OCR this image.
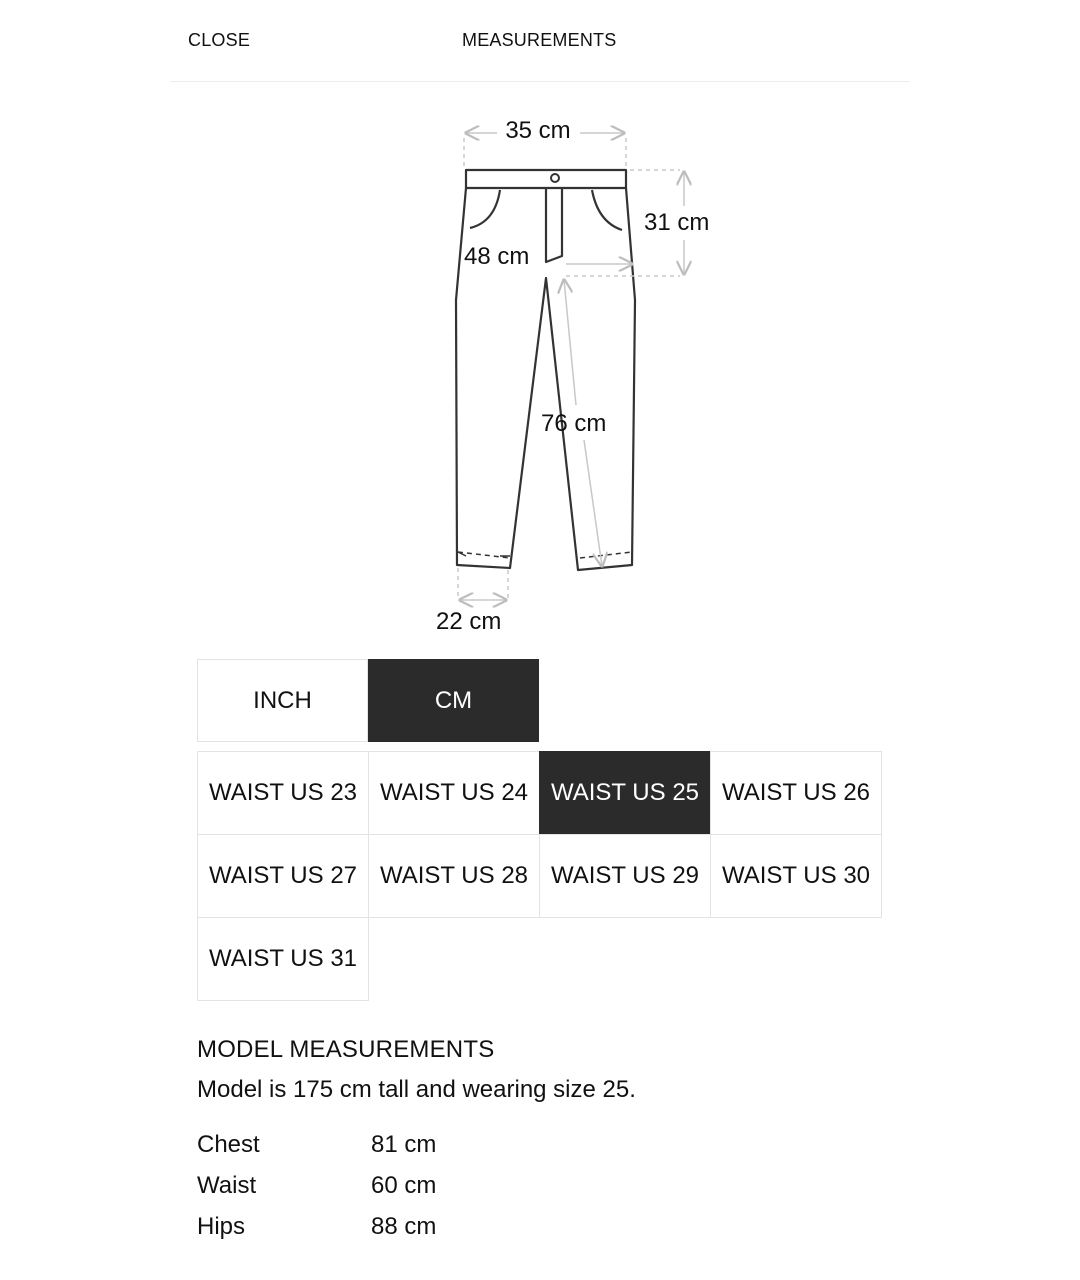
CLOSE	MEASUREMENTS
35 cm
31 cm
48 cm
76 cm
22 cm
INCH	CM
WAIST US 23 WAIST US 24 WAIST US 25 WAIST US 26
WAIST US 27 WAIST US 28 WAIST US 29 WAIST US 30
WAIST US 31
MODEL MEASUREMENTS
Model is 175 cm tall and wearing size 25.
Chest	81 cm
Waist	60 cm
Hips	88 cm
